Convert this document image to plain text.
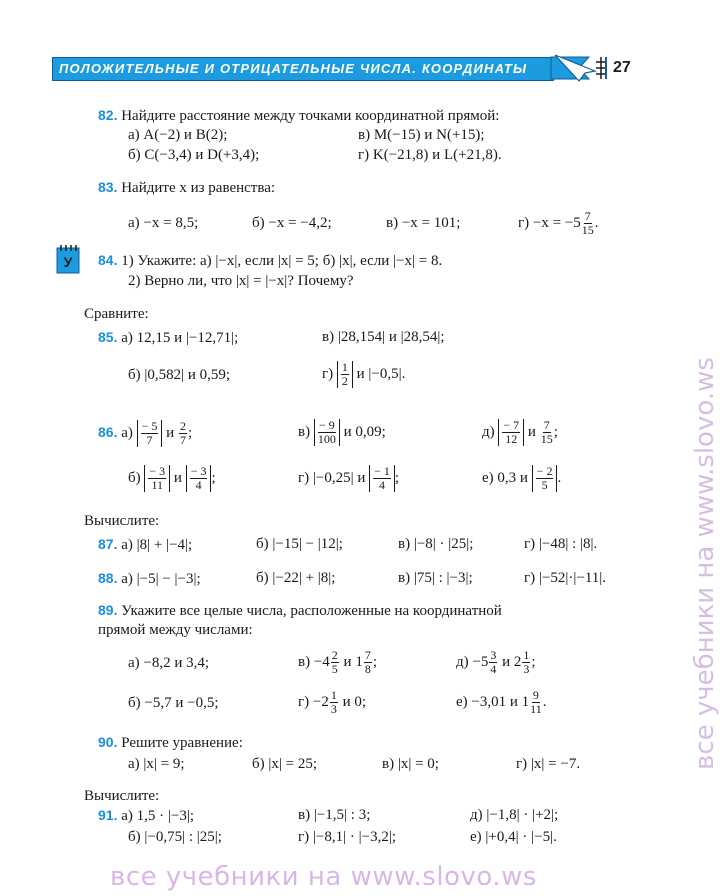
ПОЛОЖИТЕЛЬНЫЕ И ОТРИЦАТЕЛЬНЫЕ ЧИСЛА. КООРДИНАТЫ	27
82. Найдите расстояние между точками координатной прямой:
а) A(−2) и B(2);	в) M(−15) и N(+15);
б) C(−3,4) и D(+3,4);	г) K(−21,8) и L(+21,8).
83. Найдите x из равенства:
а) −x = 8,5;	б) −x = −4,2;	в) −x = 101;	$г) -x = -5 \frac{7}{15}$ .
У 84. 1) Укажите: а) |−x|, если |x| = 5; б) |x|, если |−x| = 8.
2) Верно ли, что |x| = |−x|? Почему?
Сравните:
85. а) 12,15 и |−12,71|;	в) |28,154| и |28,54|;
б) |0,582| и 0,59;	$г) \frac{1}{2}$ и |−0,5|.
86. $а) \frac{- 5}{7}$ и $\frac{2}{7}$ ;	$в) \frac{- 9}{100}$ и 0,09;	$д) \frac{- 7}{12}$ и $\frac{7}{15}$ ;
$б) \frac{- 3}{11}$ и $\frac{- 3}{4}$ ;	г) |−0,25| и $\frac{- 1}{4}$ ;	е) 0,3 и $\frac{- 2}{5}$ .
Вычислите:
87. а) |8| + |−4|;	б) |−15| − |12|;	в) |−8| · |25|;	г) |−48| : |8|.
88. а) |−5| − |−3|;	б) |−22| + |8|;	в) |75| : |−3|;	г) |−52|·|−11|.
89. Укажите все целые числа, расположенные на координатной
прямой между числами:
а) −8,2 и 3,4;	$в) -4 \frac{2}{5}$ и $1 \frac{7}{8}$ ;	$д) -5 \frac{3}{4}$ и $2 \frac{1}{3}$ ;
б) −5,7 и −0,5;	$г) -2 \frac{1}{3}$ и 0;	е) −3,01 и $1 \frac{9}{11}$ .
90. Решите уравнение:
а) |x| = 9;	б) |x| = 25;	в) |x| = 0;	г) |x| = −7.
Вычислите:
91. а) 1,5 · |−3|;	в) |−1,5| : 3;	д) |−1,8| · |+2|;
б) |−0,75| : |25|;	г) |−8,1| · |−3,2|;	е) |+0,4| · |−5|.
все учебники на www.slovo.ws
все учебники на www.slovo.ws
